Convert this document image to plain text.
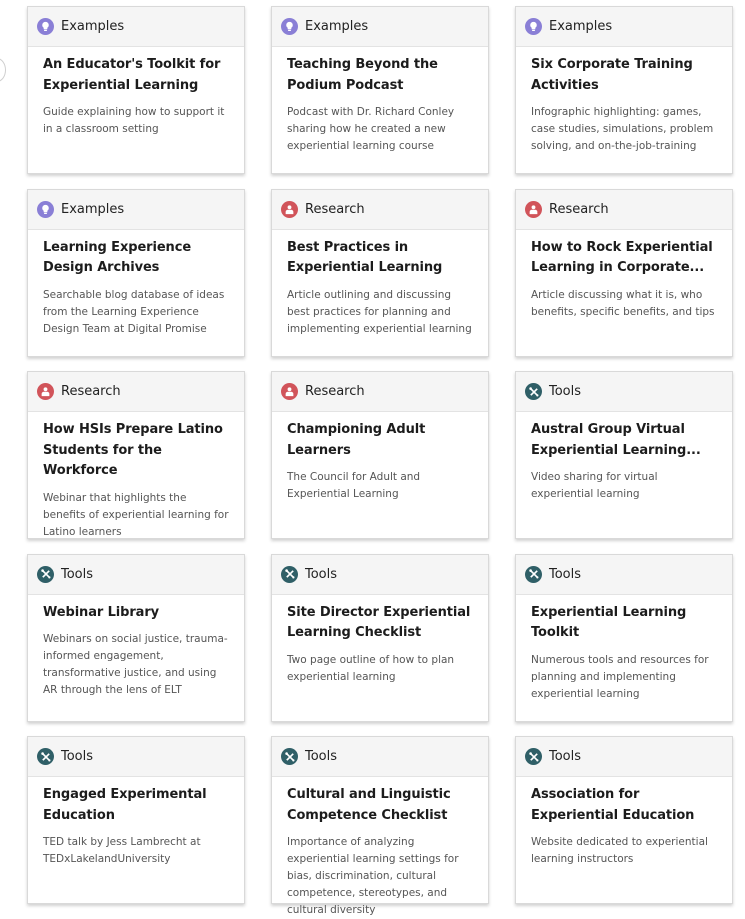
Examples

An Educator's Toolkit for Experiential Learning

Guide explaining how to support it in a classroom setting

Examples

Teaching Beyond the Podium Podcast

Podcast with Dr. Richard Conley sharing how he created a new experiential learning course

Examples

Six Corporate Training Activities

Infographic highlighting: games, case studies, simulations, problem solving, and on-the-job-training

Examples

Learning Experience Design Archives

Searchable blog database of ideas from the Learning Experience Design Team at Digital Promise

Research

Best Practices in Experiential Learning

Article outlining and discussing best practices for planning and implementing experiential learning

Research

How to Rock Experiential Learning in Corporate...

Article discussing what it is, who benefits, specific benefits, and tips

Research

How HSIs Prepare Latino Students for the Workforce

Webinar that highlights the benefits of experiential learning for Latino learners

Research

Championing Adult Learners

The Council for Adult and Experiential Learning

Tools

Austral Group Virtual Experiential Learning...

Video sharing for virtual experiential learning

Tools

Webinar Library

Webinars on social justice, trauma-informed engagement, transformative justice, and using AR through the lens of ELT

Tools

Site Director Experiential Learning Checklist

Two page outline of how to plan experiential learning

Tools

Experiential Learning Toolkit

Numerous tools and resources for planning and implementing experiential learning

Tools

Engaged Experimental Education

TED talk by Jess Lambrecht at TEDxLakelandUniversity

Tools

Cultural and Linguistic Competence Checklist

Importance of analyzing experiential learning settings for bias, discrimination, cultural competence, stereotypes, and cultural diversity

Tools

Association for Experiential Education

Website dedicated to experiential learning instructors
